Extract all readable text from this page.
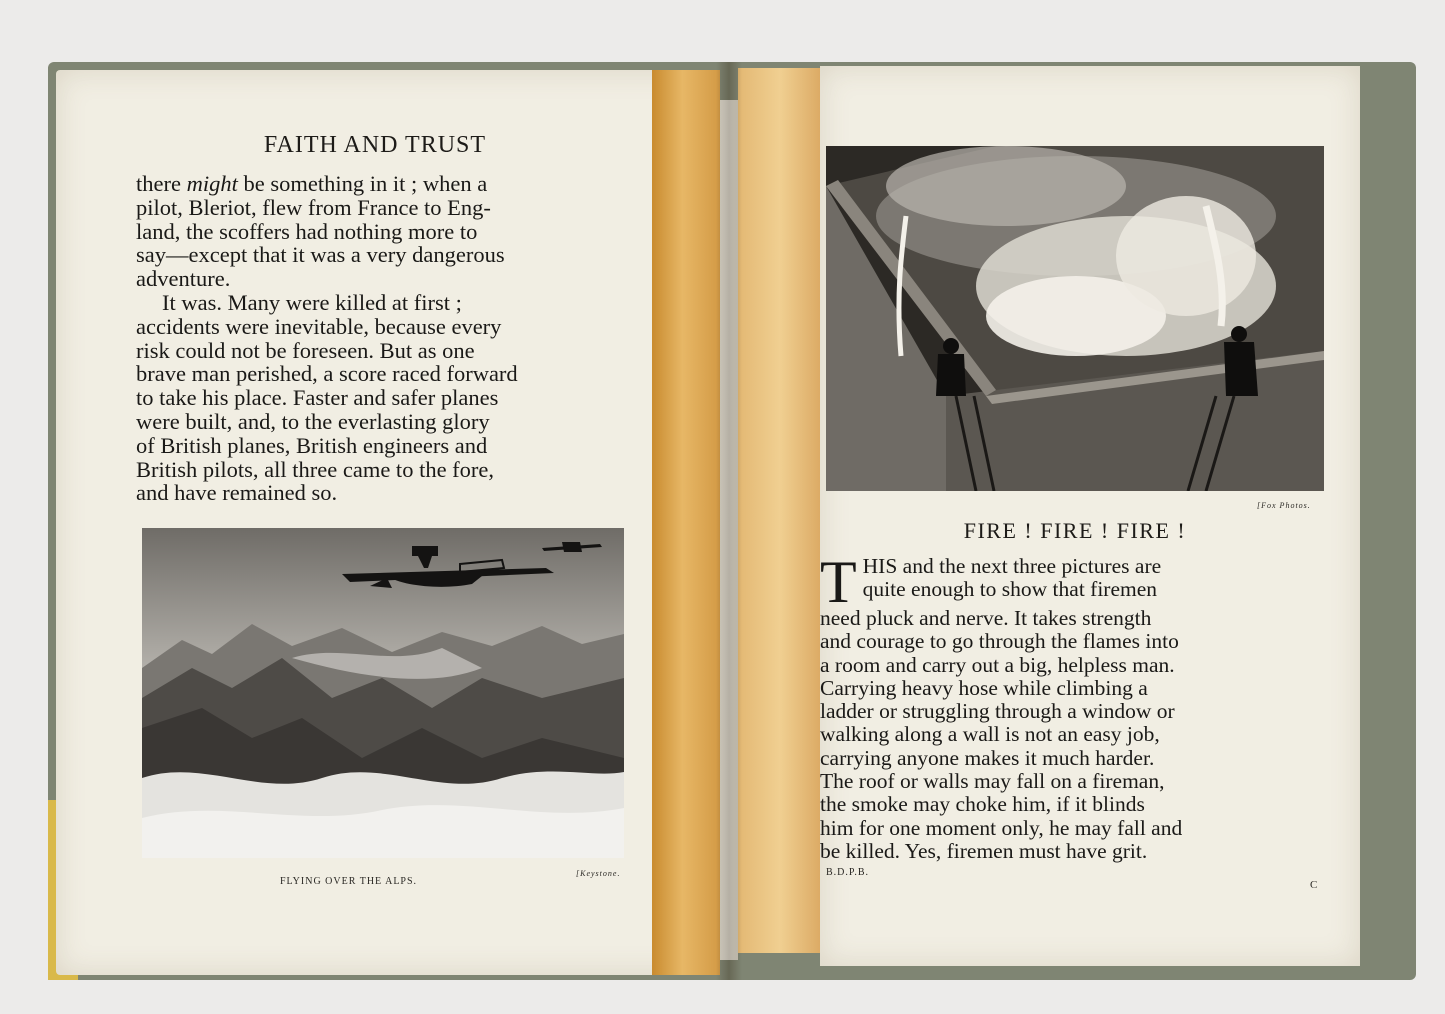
FAITH AND TRUST
there might be something in it ; when a
pilot, Bleriot, flew from France to Eng-
land, the scoffers had nothing more to
say—except that it was a very dangerous
adventure.
It was. Many were killed at first ;
accidents were inevitable, because every
risk could not be foreseen. But as one
brave man perished, a score raced forward
to take his place. Faster and safer planes
were built, and, to the everlasting glory
of British planes, British engineers and
British pilots, all three came to the fore,
and have remained so.
FLYING OVER THE ALPS.
[Keystone.
[Fox Photos.
FIRE ! FIRE ! FIRE !
T HIS and the next three pictures are
quite enough to show that firemen
need pluck and nerve. It takes strength
and courage to go through the flames into
a room and carry out a big, helpless man.
Carrying heavy hose while climbing a
ladder or struggling through a window or
walking along a wall is not an easy job,
carrying anyone makes it much harder.
The roof or walls may fall on a fireman,
the smoke may choke him, if it blinds
him for one moment only, he may fall and
be killed. Yes, firemen must have grit.
B.D.P.B.
C
